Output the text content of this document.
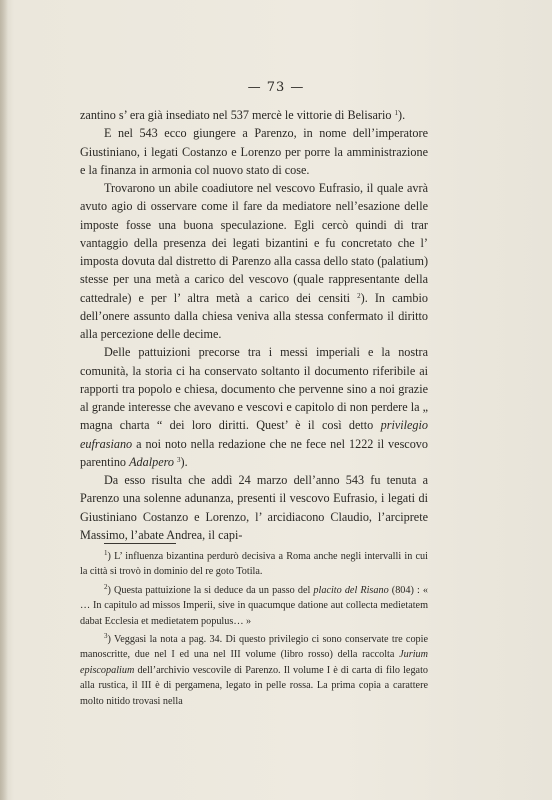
— 73 —

zantino s’ era già insediato nel 537 mercè le vittorie di Belisario $^1$).

E nel 543 ecco giungere a Parenzo, in nome dell’imperatore Giustiniano, i legati Costanzo e Lorenzo per porre la amministrazione e la finanza in armonia col nuovo stato di cose.

Trovarono un abile coadiutore nel vescovo Eufrasio, il quale avrà avuto agio di osservare come il fare da mediatore nell’esazione delle imposte fosse una buona speculazione. Egli cercò quindi di trar vantaggio della presenza dei legati bizantini e fu concretato che l’ imposta dovuta dal distretto di Parenzo alla cassa dello stato (palatium) stesse per una metà a carico del vescovo (quale rappresentante della cattedrale) e per l’ altra metà a carico dei censiti $^2$). In cambio dell’onere assunto dalla chiesa veniva alla stessa confermato il diritto alla percezione delle decime.

Delle pattuizioni precorse tra i messi imperiali e la nostra comunità, la storia ci ha conservato soltanto il documento riferibile ai rapporti tra popolo e chiesa, documento che pervenne sino a noi grazie al grande interesse che avevano e vescovi e capitolo di non perdere la „ magna charta “ dei loro diritti. Quest’ è il così detto privilegio eufrasiano a noi noto nella redazione che ne fece nel 1222 il vescovo parentino Adalpero $^3$).

Da esso risulta che addì 24 marzo dell’anno 543 fu tenuta a Parenzo una solenne adunanza, presenti il vescovo Eufrasio, i legati di Giustiniano Costanzo e Lorenzo, l’ arcidiacono Claudio, l’arciprete Massimo, l’abate Andrea, il capi-

$^1$) L’ influenza bizantina perdurò decisiva a Roma anche negli intervalli in cui la città si trovò in dominio del re goto Totila.

$^2$) Questa pattuizione la si deduce da un passo del placito del Risano (804) : « … In capitulo ad missos Imperii, sive in quacumque datione aut collecta medietatem dabat Ecclesia et medietatem populus… »

$^3$) Veggasi la nota a pag. 34. Di questo privilegio ci sono conservate tre copie manoscritte, due nel I ed una nel III volume (libro rosso) della raccolta Jurium episcopalium dell’archivio vescovile di Parenzo. Il volume I è di carta di filo legato alla rustica, il III è di pergamena, legato in pelle rossa. La prima copia a carattere molto nitido trovasi nella
